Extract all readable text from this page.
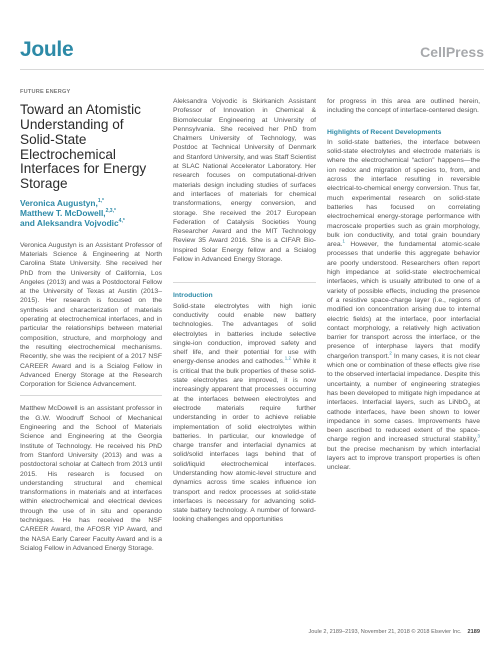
Joule	CellPress
FUTURE ENERGY
Toward an Atomistic Understanding of Solid-State Electrochemical Interfaces for Energy Storage
Veronica Augustyn,$^{1,*}$
Matthew T. McDowell,$^{2,3,*}$
and Aleksandra Vojvodic$^{4,*}$

Veronica Augustyn is an Assistant Professor of Materials Science & Engineering at North Carolina State University. She received her PhD from the University of California, Los Angeles (2013) and was a Postdoctoral Fellow at the University of Texas at Austin (2013–2015). Her research is focused on the synthesis and characterization of materials operating at electrochemical interfaces, and in particular the relationships between material composition, structure, and morphology and the resulting electrochemical mechanisms. Recently, she was the recipient of a 2017 NSF CAREER Award and is a Scialog Fellow in Advanced Energy Storage at the Research Corporation for Science Advancement.

Matthew McDowell is an assistant professor in the G.W. Woodruff School of Mechanical Engineering and the School of Materials Science and Engineering at the Georgia Institute of Technology. He received his PhD from Stanford University (2013) and was a postdoctoral scholar at Caltech from 2013 until 2015. His research is focused on understanding structural and chemical transformations in materials and at interfaces within electrochemical and electrical devices through the use of in situ and operando techniques. He has received the NSF CAREER Award, the AFOSR YIP Award, and the NASA Early Career Faculty Award and is a Scialog Fellow in Advanced Energy Storage.

Aleksandra Vojvodic is Skirkanich Assistant Professor of Innovation in Chemical & Biomolecular Engineering at University of Pennsylvania. She received her PhD from Chalmers University of Technology, was Postdoc at Technical University of Denmark and Stanford University, and was Staff Scientist at SLAC National Accelerator Laboratory. Her research focuses on computational-driven materials design including studies of surfaces and interfaces of materials for chemical transformations, energy conversion, and storage. She received the 2017 European Federation of Catalysis Societies Young Researcher Award and the MIT Technology Review 35 Award 2016. She is a CIFAR Bio-Inspired Solar Energy fellow and a Scialog Fellow in Advanced Energy Storage.

Introduction

Solid-state electrolytes with high ionic conductivity could enable new battery technologies. The advantages of solid electrolytes in batteries include selective single-ion conduction, improved safety and shelf life, and their potential for use with energy-dense anodes and cathodes.$^{1,2}$ While it is critical that the bulk properties of these solid-state electrolytes are improved, it is now increasingly apparent that processes occurring at the interfaces between electrolytes and electrode materials require further understanding in order to achieve reliable implementation of solid electrolytes within batteries. In particular, our knowledge of charge transfer and interfacial dynamics at solid/solid interfaces lags behind that of solid/liquid electrochemical interfaces. Understanding how atomic-level structure and dynamics across time scales influence ion transport and redox processes at solid-state interfaces is necessary for advancing solid-state battery technology. A number of forward-looking challenges and opportunities

for progress in this area are outlined herein, including the concept of interface-centered design.

Highlights of Recent Developments

In solid-state batteries, the interface between solid-state electrolytes and electrode materials is where the electrochemical “action” happens—the ion redox and migration of species to, from, and across the interface resulting in reversible electrical-to-chemical energy conversion. Thus far, much experimental research on solid-state batteries has focused on correlating electrochemical energy-storage performance with macroscale properties such as grain morphology, bulk ion conductivity, and total grain boundary area.$^1$ However, the fundamental atomic-scale processes that underlie this aggregate behavior are poorly understood. Researchers often report high impedance at solid-state electrochemical interfaces, which is usually attributed to one of a variety of possible effects, including the presence of a resistive space-charge layer (i.e., regions of modified ion concentration arising due to internal electric fields) at the interface, poor interfacial contact morphology, a relatively high activation barrier for transport across the interface, or the presence of interphase layers that modify charge/ion transport.$^2$ In many cases, it is not clear which one or combination of these effects give rise to the observed interfacial impedance. Despite this uncertainty, a number of engineering strategies has been developed to mitigate high impedance at interfaces. Interfacial layers, such as LiNbO$_3$ at cathode interfaces, have been shown to lower impedance in some cases. Improvements have been ascribed to reduced extent of the space-charge region and increased structural stability,$^3$ but the precise mechanism by which interfacial layers act to improve transport properties is often unclear.

Joule 2, 2189–2193, November 21, 2018 © 2018 Elsevier Inc. 2189
